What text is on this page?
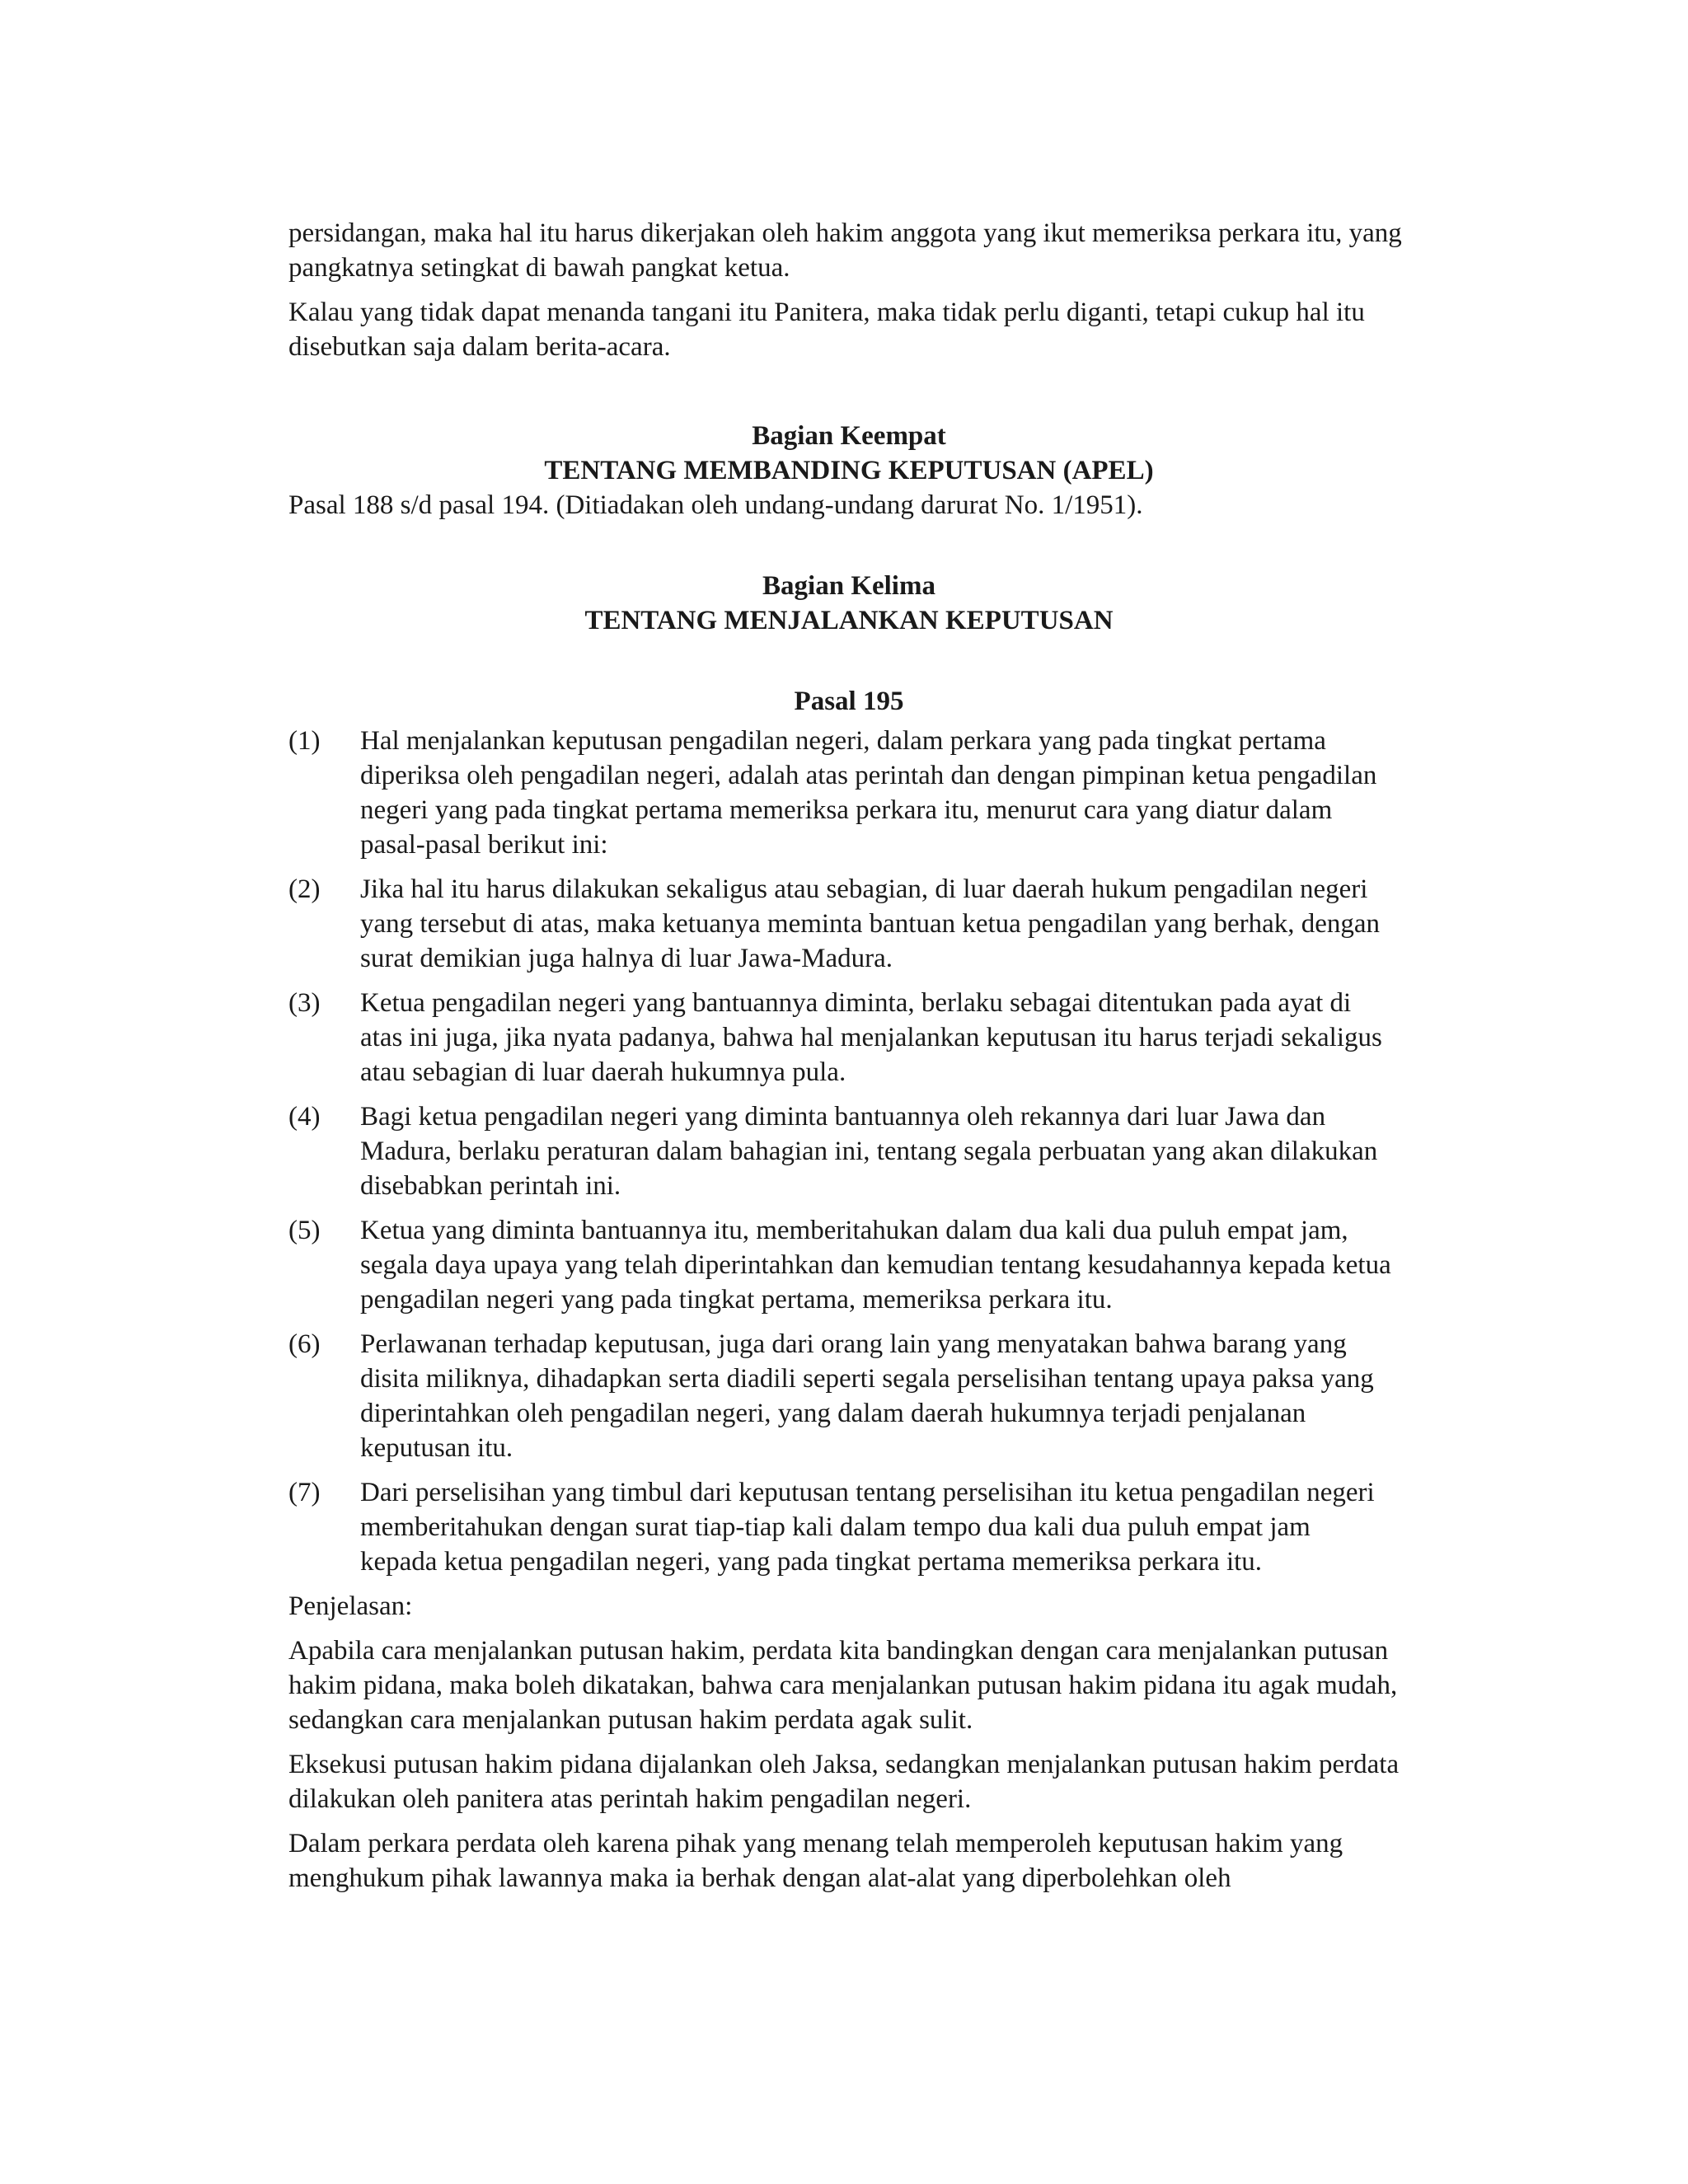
persidangan, maka hal itu harus dikerjakan oleh hakim anggota yang ikut memeriksa perkara itu, yang pangkatnya setingkat di bawah pangkat ketua.

Kalau yang tidak dapat menanda tangani itu Panitera, maka tidak perlu diganti, tetapi cukup hal itu disebutkan saja dalam berita-acara.

Bagian Keempat

TENTANG MEMBANDING KEPUTUSAN (APEL)

Pasal 188 s/d pasal 194. (Ditiadakan oleh undang-undang darurat No. 1/1951).

Bagian Kelima

TENTANG MENJALANKAN KEPUTUSAN

Pasal 195

(1)	Hal menjalankan keputusan pengadilan negeri, dalam perkara yang pada tingkat pertama diperiksa oleh pengadilan negeri, adalah atas perintah dan dengan pimpinan ketua pengadilan negeri yang pada tingkat pertama memeriksa perkara itu, menurut cara yang diatur dalam pasal-pasal berikut ini:
(2)	Jika hal itu harus dilakukan sekaligus atau sebagian, di luar daerah hukum pengadilan negeri yang tersebut di atas, maka ketuanya meminta bantuan ketua pengadilan yang berhak, dengan surat demikian juga halnya di luar Jawa-Madura.
(3)	Ketua pengadilan negeri yang bantuannya diminta, berlaku sebagai ditentukan pada ayat di atas ini juga, jika nyata padanya, bahwa hal menjalankan keputusan itu harus terjadi sekaligus atau sebagian di luar daerah hukumnya pula.
(4)	Bagi ketua pengadilan negeri yang diminta bantuannya oleh rekannya dari luar Jawa dan Madura, berlaku peraturan dalam bahagian ini, tentang segala perbuatan yang akan dilakukan disebabkan perintah ini.
(5)	Ketua yang diminta bantuannya itu, memberitahukan dalam dua kali dua puluh empat jam, segala daya upaya yang telah diperintahkan dan kemudian tentang kesudahannya kepada ketua pengadilan negeri yang pada tingkat pertama, memeriksa perkara itu.
(6)	Perlawanan terhadap keputusan, juga dari orang lain yang menyatakan bahwa barang yang disita miliknya, dihadapkan serta diadili seperti segala perselisihan tentang upaya paksa yang diperintahkan oleh pengadilan negeri, yang dalam daerah hukumnya terjadi penjalanan keputusan itu.
(7)	Dari perselisihan yang timbul dari keputusan tentang perselisihan itu ketua pengadilan negeri memberitahukan dengan surat tiap-tiap kali dalam tempo dua kali dua puluh empat jam kepada ketua pengadilan negeri, yang pada tingkat pertama memeriksa perkara itu.

Penjelasan:

Apabila cara menjalankan putusan hakim, perdata kita bandingkan dengan cara menjalankan putusan hakim pidana, maka boleh dikatakan, bahwa cara menjalankan putusan hakim pidana itu agak mudah, sedangkan cara menjalankan putusan hakim perdata agak sulit.

Eksekusi putusan hakim pidana dijalankan oleh Jaksa, sedangkan menjalankan putusan hakim perdata dilakukan oleh panitera atas perintah hakim pengadilan negeri.

Dalam perkara perdata oleh karena pihak yang menang telah memperoleh keputusan hakim yang menghukum pihak lawannya maka ia berhak dengan alat-alat yang diperbolehkan oleh
